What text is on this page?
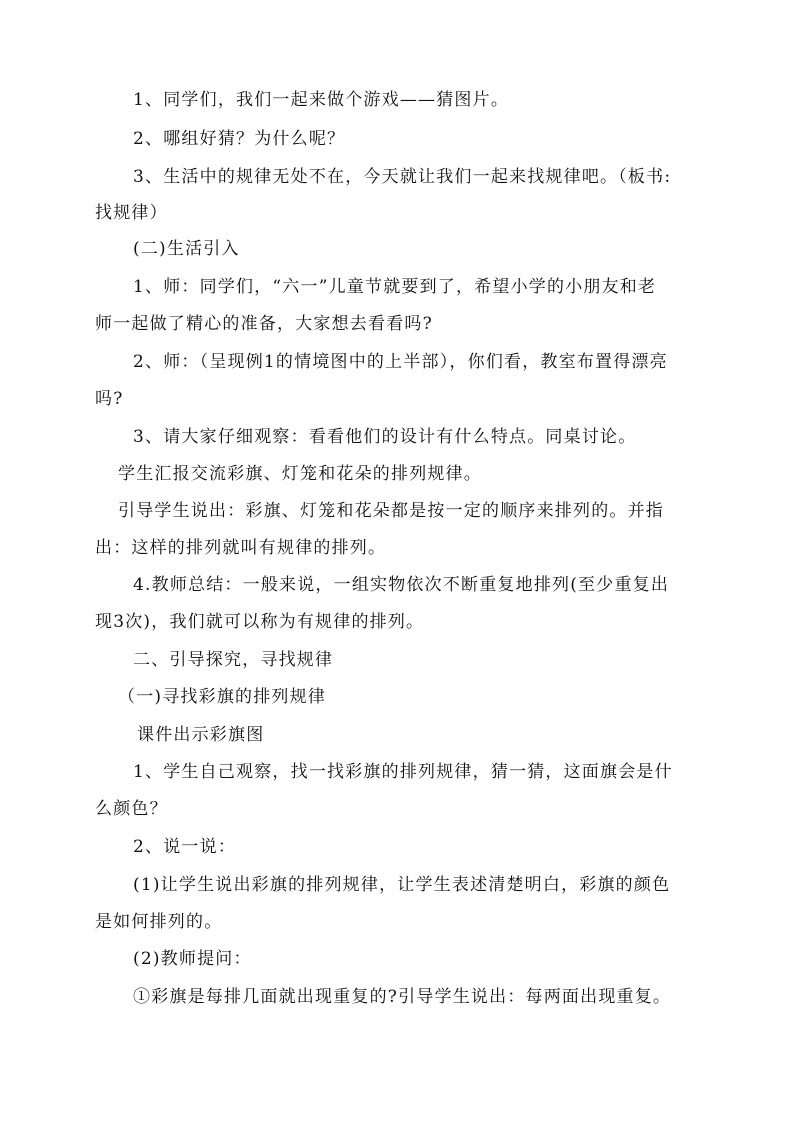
1、同学们，我们一起来做个游戏——猜图片。
2、哪组好猜？为什么呢？
3、生活中的规律无处不在，今天就让我们一起来找规律吧。（板书:
找规律）
(二)生活引入
1、师：同学们，“六一”儿童节就要到了，希望小学的小朋友和老
师一起做了精心的准备，大家想去看看吗?
2、师：（呈现例1的情境图中的上半部），你们看，教室布置得漂亮
吗?
3、请大家仔细观察：看看他们的设计有什么特点。同桌讨论。
学生汇报交流彩旗、灯笼和花朵的排列规律。
引导学生说出：彩旗、灯笼和花朵都是按一定的顺序来排列的。并指
出：这样的排列就叫有规律的排列。
4.教师总结：一般来说，一组实物依次不断重复地排列(至少重复出
现3次)，我们就可以称为有规律的排列。
二、引导探究，寻找规律
（一)寻找彩旗的排列规律
课件出示彩旗图
1、学生自己观察，找一找彩旗的排列规律，猜一猜，这面旗会是什
么颜色？
2、说一说：
(1)让学生说出彩旗的排列规律，让学生表述清楚明白，彩旗的颜色
是如何排列的。
(2)教师提问：
①彩旗是每排几面就出现重复的?引导学生说出：每两面出现重复。
